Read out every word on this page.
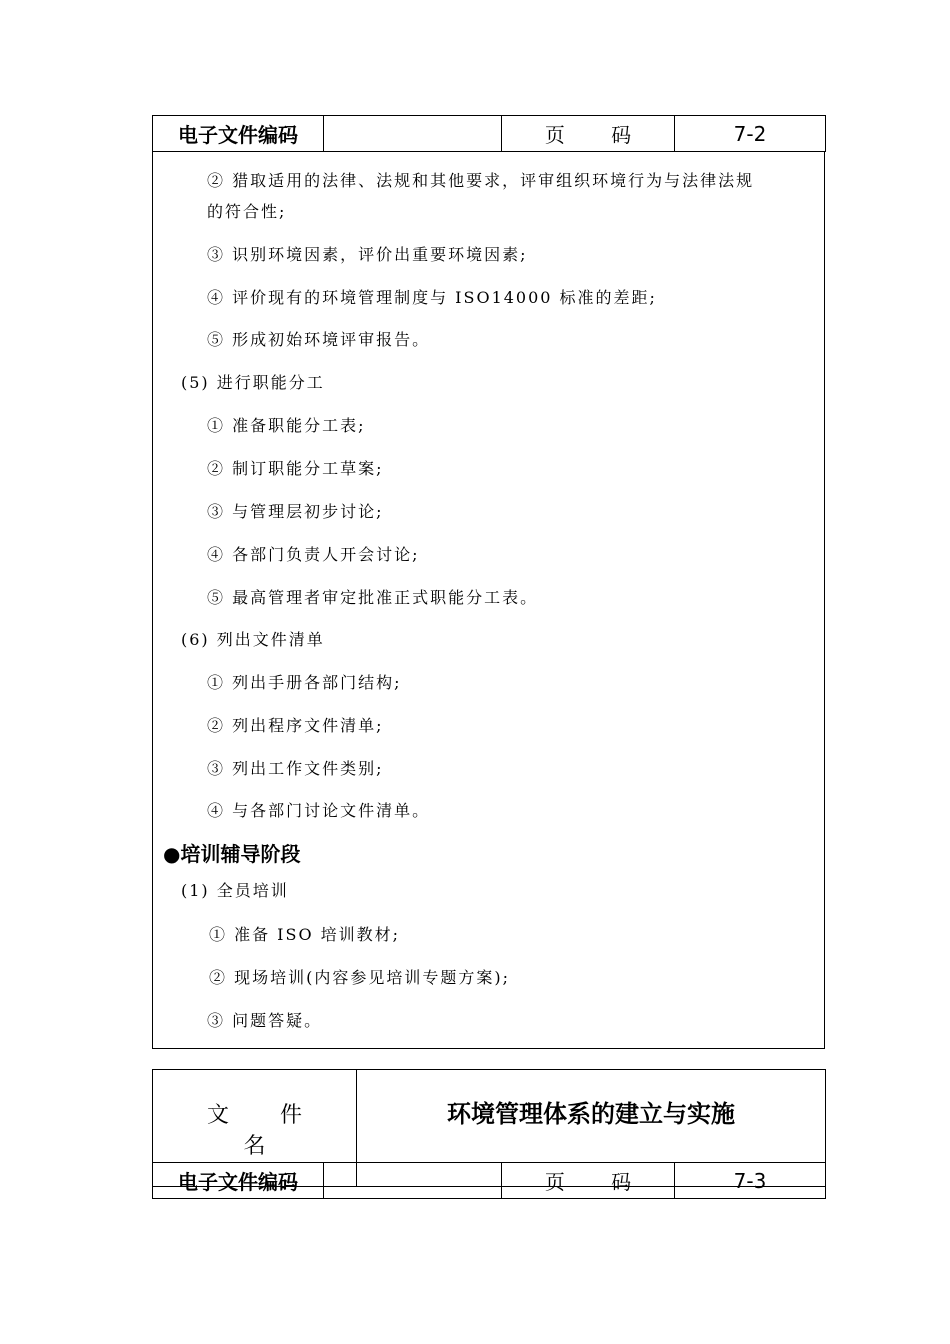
电子文件编码		页 码	7-2
② 猎取适用的法律、法规和其他要求，评审组织环境行为与法律法规
的符合性;
③ 识别环境因素，评价出重要环境因素;
④ 评价现有的环境管理制度与 ISO14000 标准的差距;
⑤ 形成初始环境评审报告。
(5) 进行职能分工
① 准备职能分工表;
② 制订职能分工草案;
③ 与管理层初步讨论;
④ 各部门负责人开会讨论;
⑤ 最高管理者审定批准正式职能分工表。
(6) 列出文件清单
① 列出手册各部门结构;
② 列出程序文件清单;
③ 列出工作文件类别;
④ 与各部门讨论文件清单。
●培训辅导阶段
(1) 全员培训
① 准备 ISO 培训教材;
② 现场培训(内容参见培训专题方案);
③ 问题答疑。
文 件 名	环境管理体系的建立与实施
电子文件编码		页 码	7-3
